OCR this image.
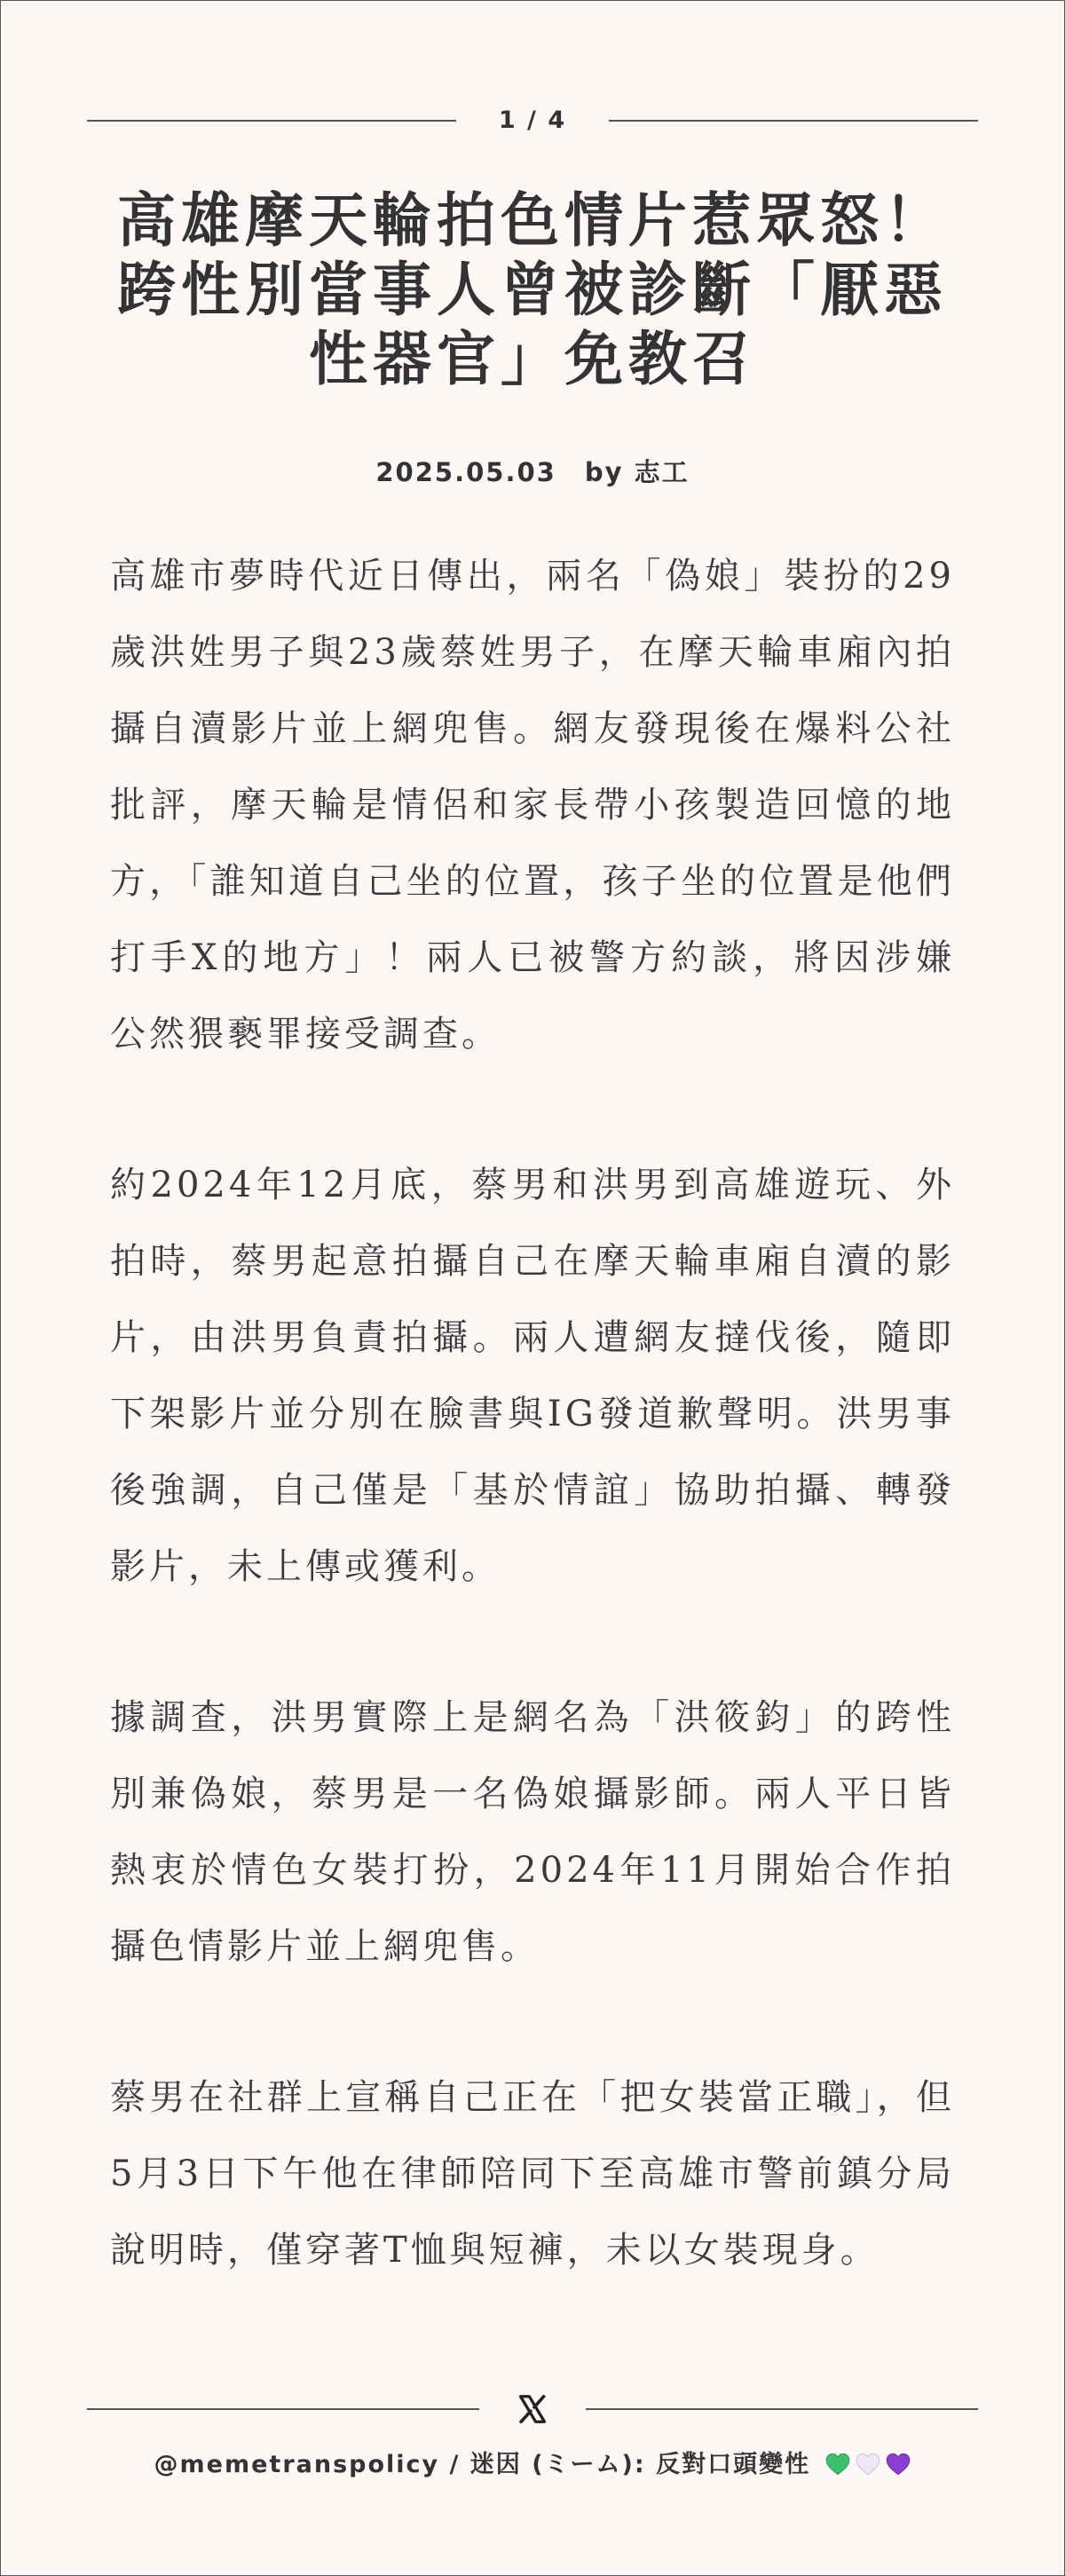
1 / 4
高雄摩天輪拍色情片惹眾怒！
跨性別當事人曾被診斷「厭惡
性器官」免教召
2025.05.03 by 志工

高雄市夢時代近日傳出，兩名「偽娘」裝扮的29歲洪姓男子與23歲蔡姓男子，在摩天輪車廂內拍攝自瀆影片並上網兜售。網友發現後在爆料公社批評，摩天輪是情侶和家長帶小孩製造回憶的地方，「誰知道自己坐的位置，孩子坐的位置是他們打手X的地方」！兩人已被警方約談，將因涉嫌公然猥褻罪接受調查。

約2024年12月底，蔡男和洪男到高雄遊玩、外拍時，蔡男起意拍攝自己在摩天輪車廂自瀆的影片，由洪男負責拍攝。兩人遭網友撻伐後，隨即下架影片並分別在臉書與IG發道歉聲明。洪男事後強調，自己僅是「基於情誼」協助拍攝、轉發影片，未上傳或獲利。

據調查，洪男實際上是網名為「洪筱鈞」的跨性別兼偽娘，蔡男是一名偽娘攝影師。兩人平日皆熱衷於情色女裝打扮，2024年11月開始合作拍攝色情影片並上網兜售。

蔡男在社群上宣稱自己正在「把女裝當正職」，但5月3日下午他在律師陪同下至高雄市警前鎮分局說明時，僅穿著T恤與短褲，未以女裝現身。

@memetranspolicy / 迷因 (ミーム): 反對口頭變性
